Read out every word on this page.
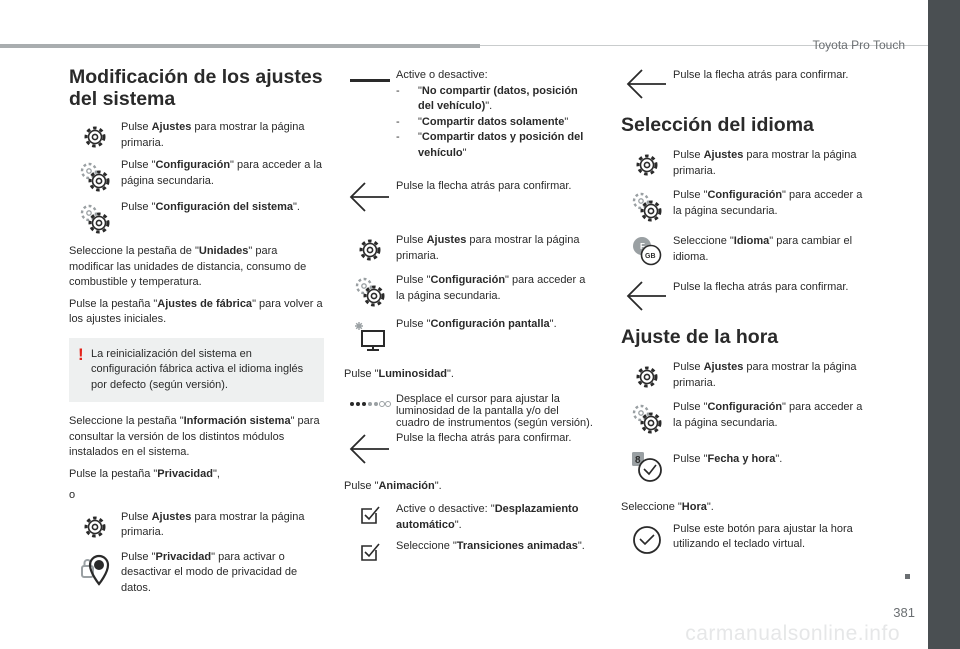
Toyota Pro Touch
Modificación de los ajustes del sistema
Pulse Ajustes para mostrar la página primaria.
Pulse "Configuración" para acceder a la página secundaria.
Pulse "Configuración del sistema".

Seleccione la pestaña de "Unidades" para modificar las unidades de distancia, consumo de combustible y temperatura.

Pulse la pestaña "Ajustes de fábrica" para volver a los ajustes iniciales.

! La reinicialización del sistema en configuración fábrica activa el idioma inglés por defecto (según versión).

Seleccione la pestaña "Información sistema" para consultar la versión de los distintos módulos instalados en el sistema.

Pulse la pestaña "Privacidad",

o

Pulse Ajustes para mostrar la página primaria.
Pulse "Privacidad" para activar o desactivar el modo de privacidad de datos.
Active o desactive:
- "No compartir (datos, posición del vehículo)".
- "Compartir datos solamente"
- "Compartir datos y posición del vehículo"
Pulse la flecha atrás para confirmar.
Pulse Ajustes para mostrar la página primaria.
Pulse "Configuración" para acceder a la página secundaria.
Pulse "Configuración pantalla".

Pulse "Luminosidad".

Desplace el cursor para ajustar la luminosidad de la pantalla y/o del cuadro de instrumentos (según versión).
Pulse la flecha atrás para confirmar.

Pulse "Animación".

Active o desactive: "Desplazamiento automático".
Seleccione "Transiciones animadas".
Pulse la flecha atrás para confirmar.
Selección del idioma
Pulse Ajustes para mostrar la página primaria.
Pulse "Configuración" para acceder a la página secundaria.
F
GB
Seleccione "Idioma" para cambiar el idioma.
Pulse la flecha atrás para confirmar.
Ajuste de la hora
Pulse Ajustes para mostrar la página primaria.
Pulse "Configuración" para acceder a la página secundaria.
8	Pulse "Fecha y hora".

Seleccione "Hora".

Pulse este botón para ajustar la hora utilizando el teclado virtual.
381
carmanualsonline.info
